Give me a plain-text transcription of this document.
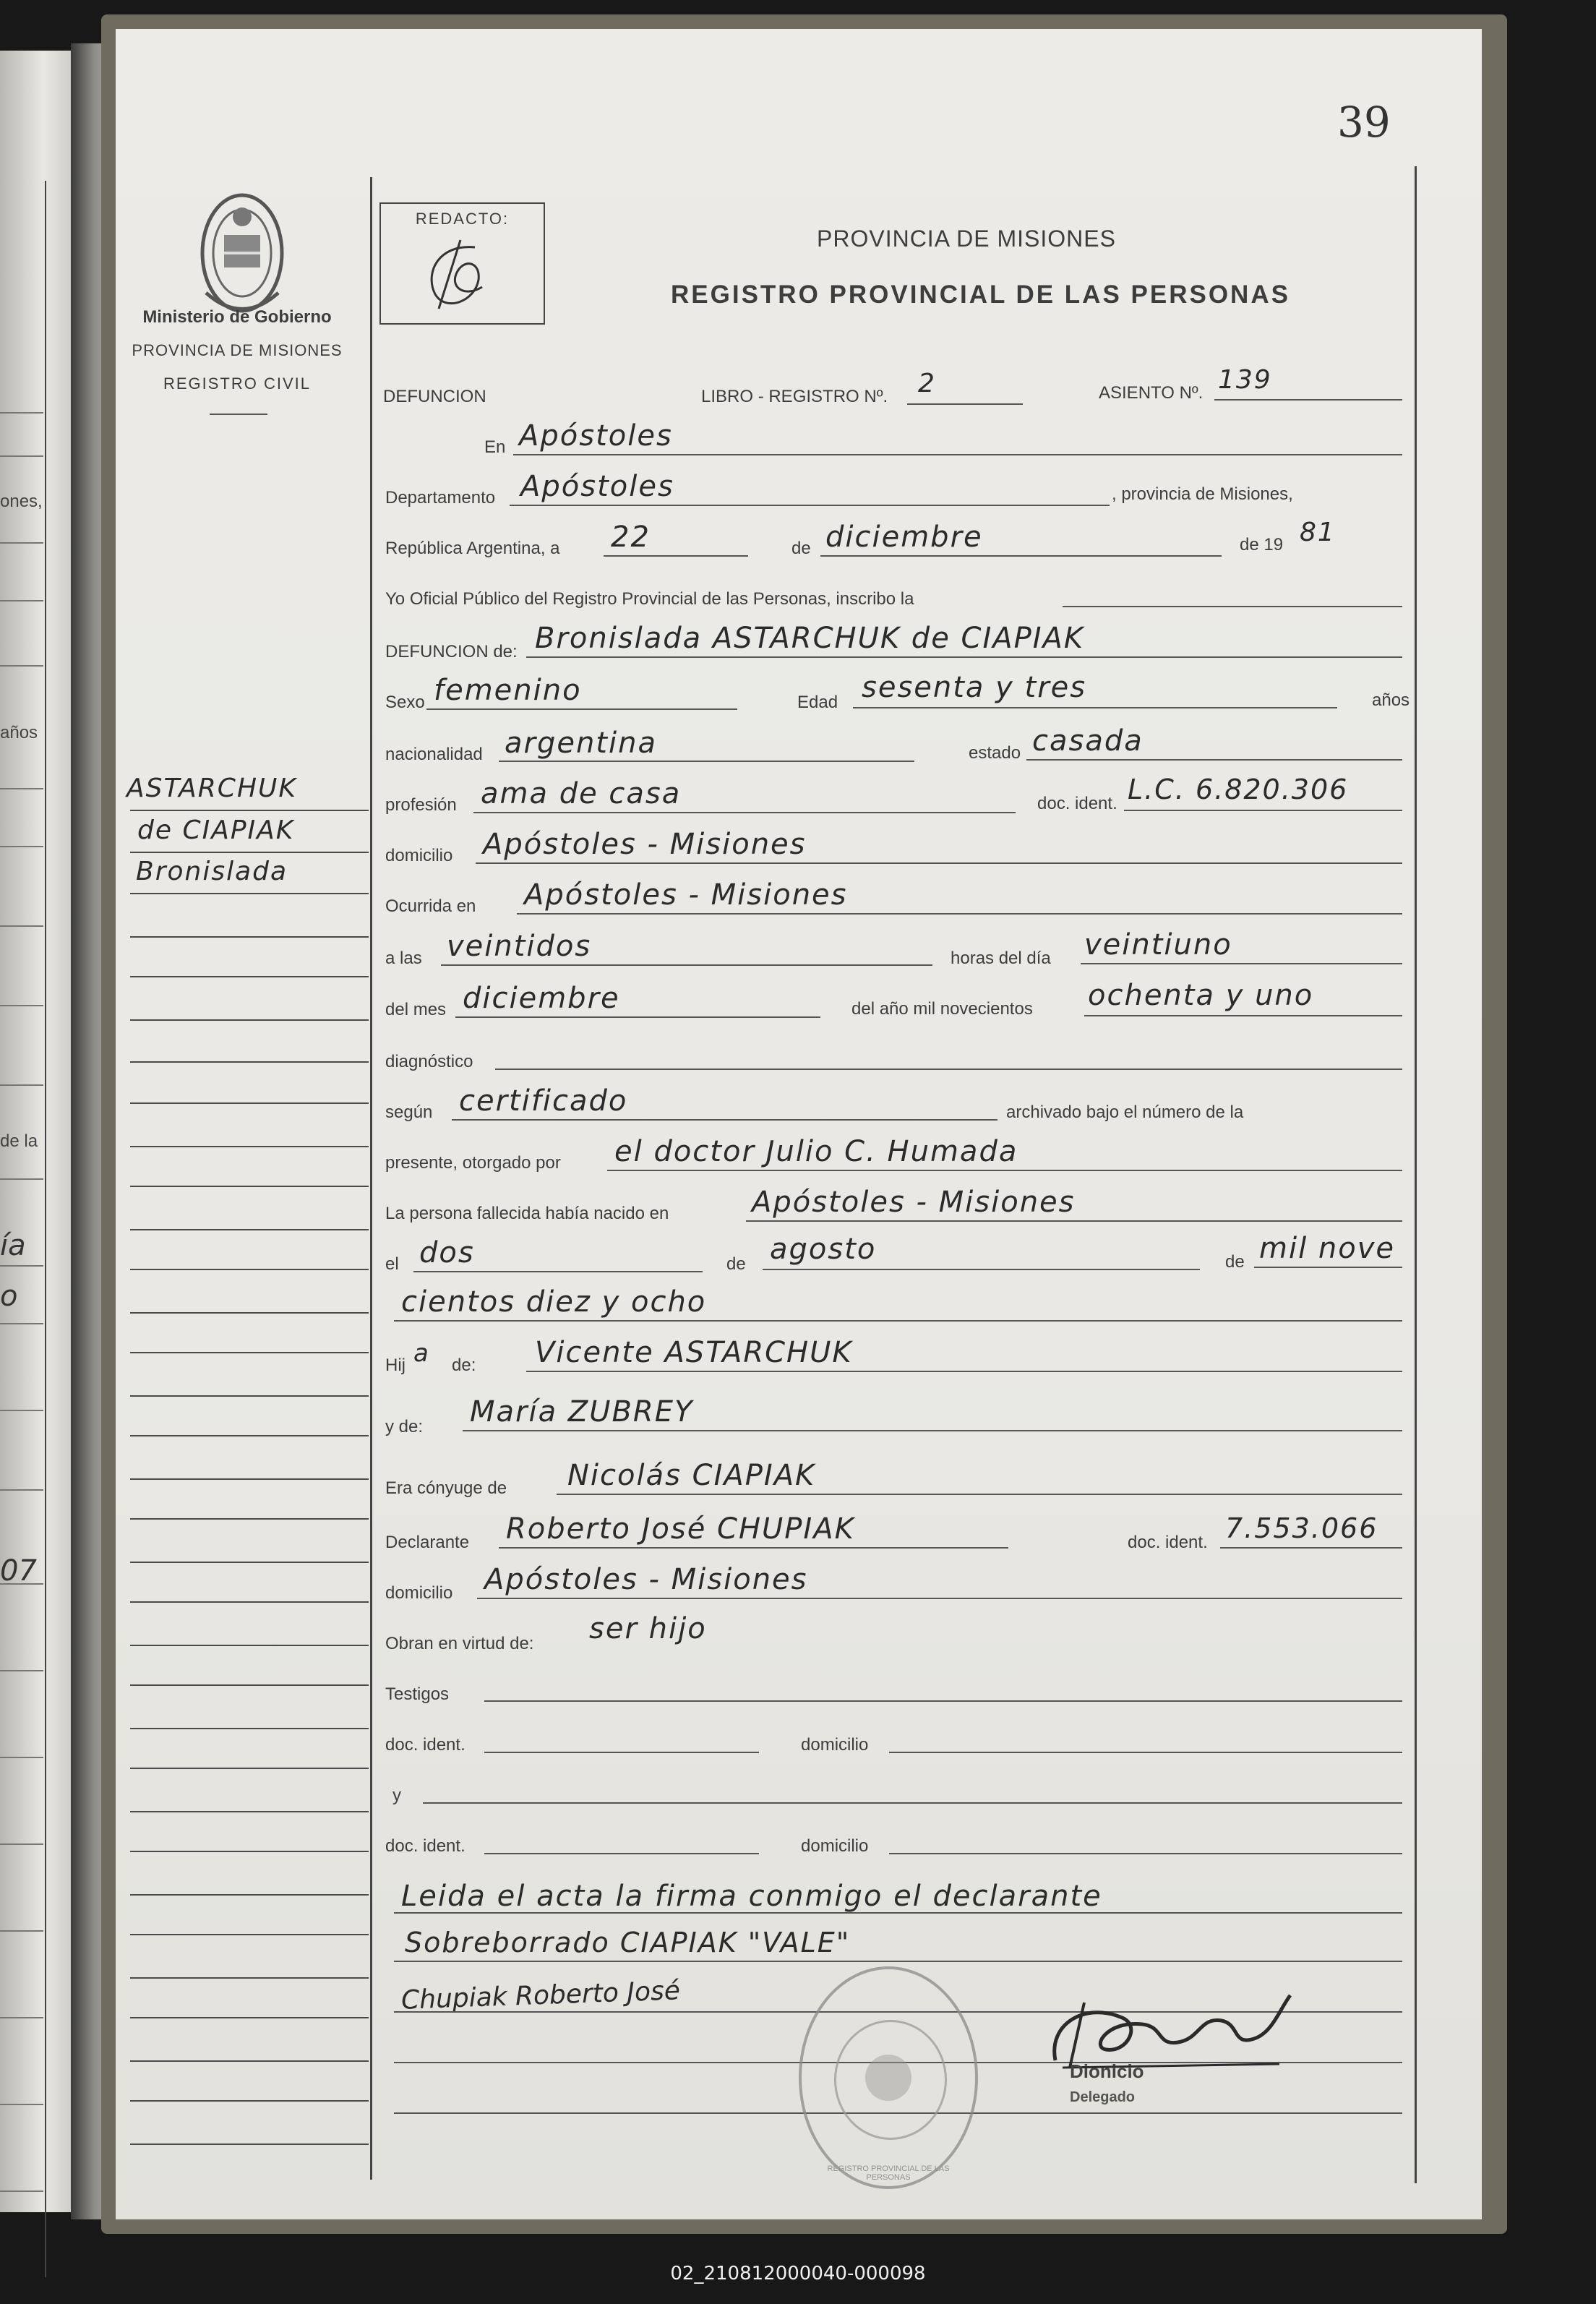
ones,
años
de la
ía
o
07
39
Ministerio de Gobierno
PROVINCIA DE MISIONES
REGISTRO CIVIL
REDACTO:
PROVINCIA DE MISIONES
REGISTRO PROVINCIAL DE LAS PERSONAS
ASTARCHUK
de CIAPIAK
Bronislada
DEFUNCION	LIBRO - REGISTRO Nº. 2	ASIENTO Nº. 139
En Apóstoles
Departamento Apóstoles	, provincia de Misiones,
República Argentina, a 22	de diciembre	de 19 81
Yo Oficial Público del Registro Provincial de las Personas, inscribo la
DEFUNCION de: Bronislada ASTARCHUK de CIAPIAK
Sexo femenino	Edad sesenta y tres	años
nacionalidad argentina	estado casada
profesión ama de casa	doc. ident. L.C. 6.820.306
domicilio Apóstoles - Misiones
Ocurrida en Apóstoles - Misiones
a las veintidos	horas del día veintiuno
del mes diciembre	del año mil novecientos ochenta y uno
diagnóstico
según certificado	archivado bajo el número de la
presente, otorgado por el doctor Julio C. Humada
La persona fallecida había nacido en	Apóstoles - Misiones
el dos	de agosto	de mil nove
cientos diez y ocho
Hij a de: Vicente ASTARCHUK
y de: María ZUBREY
Era cónyuge de Nicolás CIAPIAK
Declarante Roberto José CHUPIAK	doc. ident. 7.553.066
domicilio Apóstoles - Misiones
Obran en virtud de: ser hijo
Testigos
doc. ident.	domicilio
y
doc. ident.	domicilio
Leida el acta la firma conmigo el declarante
Sobreborrado CIAPIAK "VALE"
Chupiak Roberto José
REGISTRO PROVINCIAL DE LAS PERSONAS
Dionicio
Delegado
02_210812000040-000098
